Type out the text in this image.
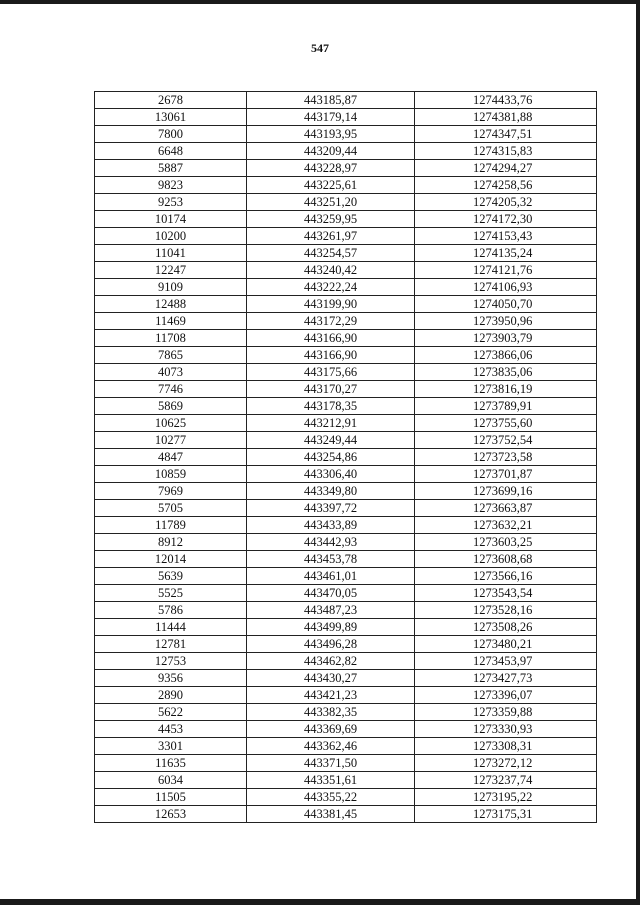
547
2678	443185,87	1274433,76
13061	443179,14	1274381,88
7800	443193,95	1274347,51
6648	443209,44	1274315,83
5887	443228,97	1274294,27
9823	443225,61	1274258,56
9253	443251,20	1274205,32
10174	443259,95	1274172,30
10200	443261,97	1274153,43
11041	443254,57	1274135,24
12247	443240,42	1274121,76
9109	443222,24	1274106,93
12488	443199,90	1274050,70
11469	443172,29	1273950,96
11708	443166,90	1273903,79
7865	443166,90	1273866,06
4073	443175,66	1273835,06
7746	443170,27	1273816,19
5869	443178,35	1273789,91
10625	443212,91	1273755,60
10277	443249,44	1273752,54
4847	443254,86	1273723,58
10859	443306,40	1273701,87
7969	443349,80	1273699,16
5705	443397,72	1273663,87
11789	443433,89	1273632,21
8912	443442,93	1273603,25
12014	443453,78	1273608,68
5639	443461,01	1273566,16
5525	443470,05	1273543,54
5786	443487,23	1273528,16
11444	443499,89	1273508,26
12781	443496,28	1273480,21
12753	443462,82	1273453,97
9356	443430,27	1273427,73
2890	443421,23	1273396,07
5622	443382,35	1273359,88
4453	443369,69	1273330,93
3301	443362,46	1273308,31
11635	443371,50	1273272,12
6034	443351,61	1273237,74
11505	443355,22	1273195,22
12653	443381,45	1273175,31
